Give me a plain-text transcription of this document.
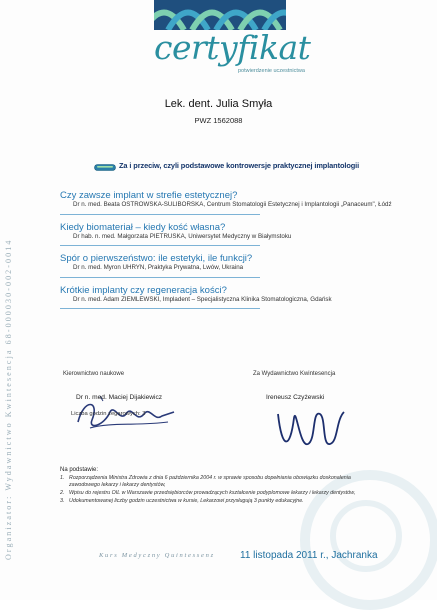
Organizator: Wydawnictwo Kwintesencja 68-000030-002-0014
certyfikat
potwierdzenie uczestnictwa
Lek. dent. Julia Smyła
PWZ 1562088
Za i przeciw, czyli podstawowe kontrowersje praktycznej implantologii
Czy zawsze implant w strefie estetycznej?
Dr n. med. Beata OSTROWSKA-SULIBORSKA, Centrum Stomatologii Estetycznej i Implantologii „Panaceum", Łódź
Kiedy biomateriał – kiedy kość własna?
Dr hab. n. med. Małgorzata PIETRUSKA, Uniwersytet Medyczny w Białymstoku
Spór o pierwszeństwo: ile estetyki, ile funkcji?
Dr n. med. Myron UHRYN, Praktyka Prywatna, Lwów, Ukraina
Krótkie implanty czy regeneracja kości?
Dr n. med. Adam ZIEMLEWSKI, Impladent – Specjalistyczna Klinika Stomatologiczna, Gdańsk
Kierownictwo naukowe
Dr n. med. Maciej Dijakiewicz
Liczba godzin zegarowych: 3
Za Wydawnictwo Kwintesencja
Ireneusz Czyżewski
Na podstawie:
1. Rozporządzenia Ministra Zdrowia z dnia 6 października 2004 r. w sprawie sposobu dopełniania obowiązku doskonalenia zawodowego lekarzy i lekarzy dentystów,
2. Wpisu do rejestru OIL w Warszawie przedsiębiorców prowadzących kształcenie podyplomowe lekarzy i lekarzy dentystów,
3. Udokumentowanej liczby godzin uczestnictwa w kursie, Lekarzowi przysługują 3 punkty edukacyjne.
Kurs Medyczny Quintessenz	11 listopada 2011 r., Jachranka
